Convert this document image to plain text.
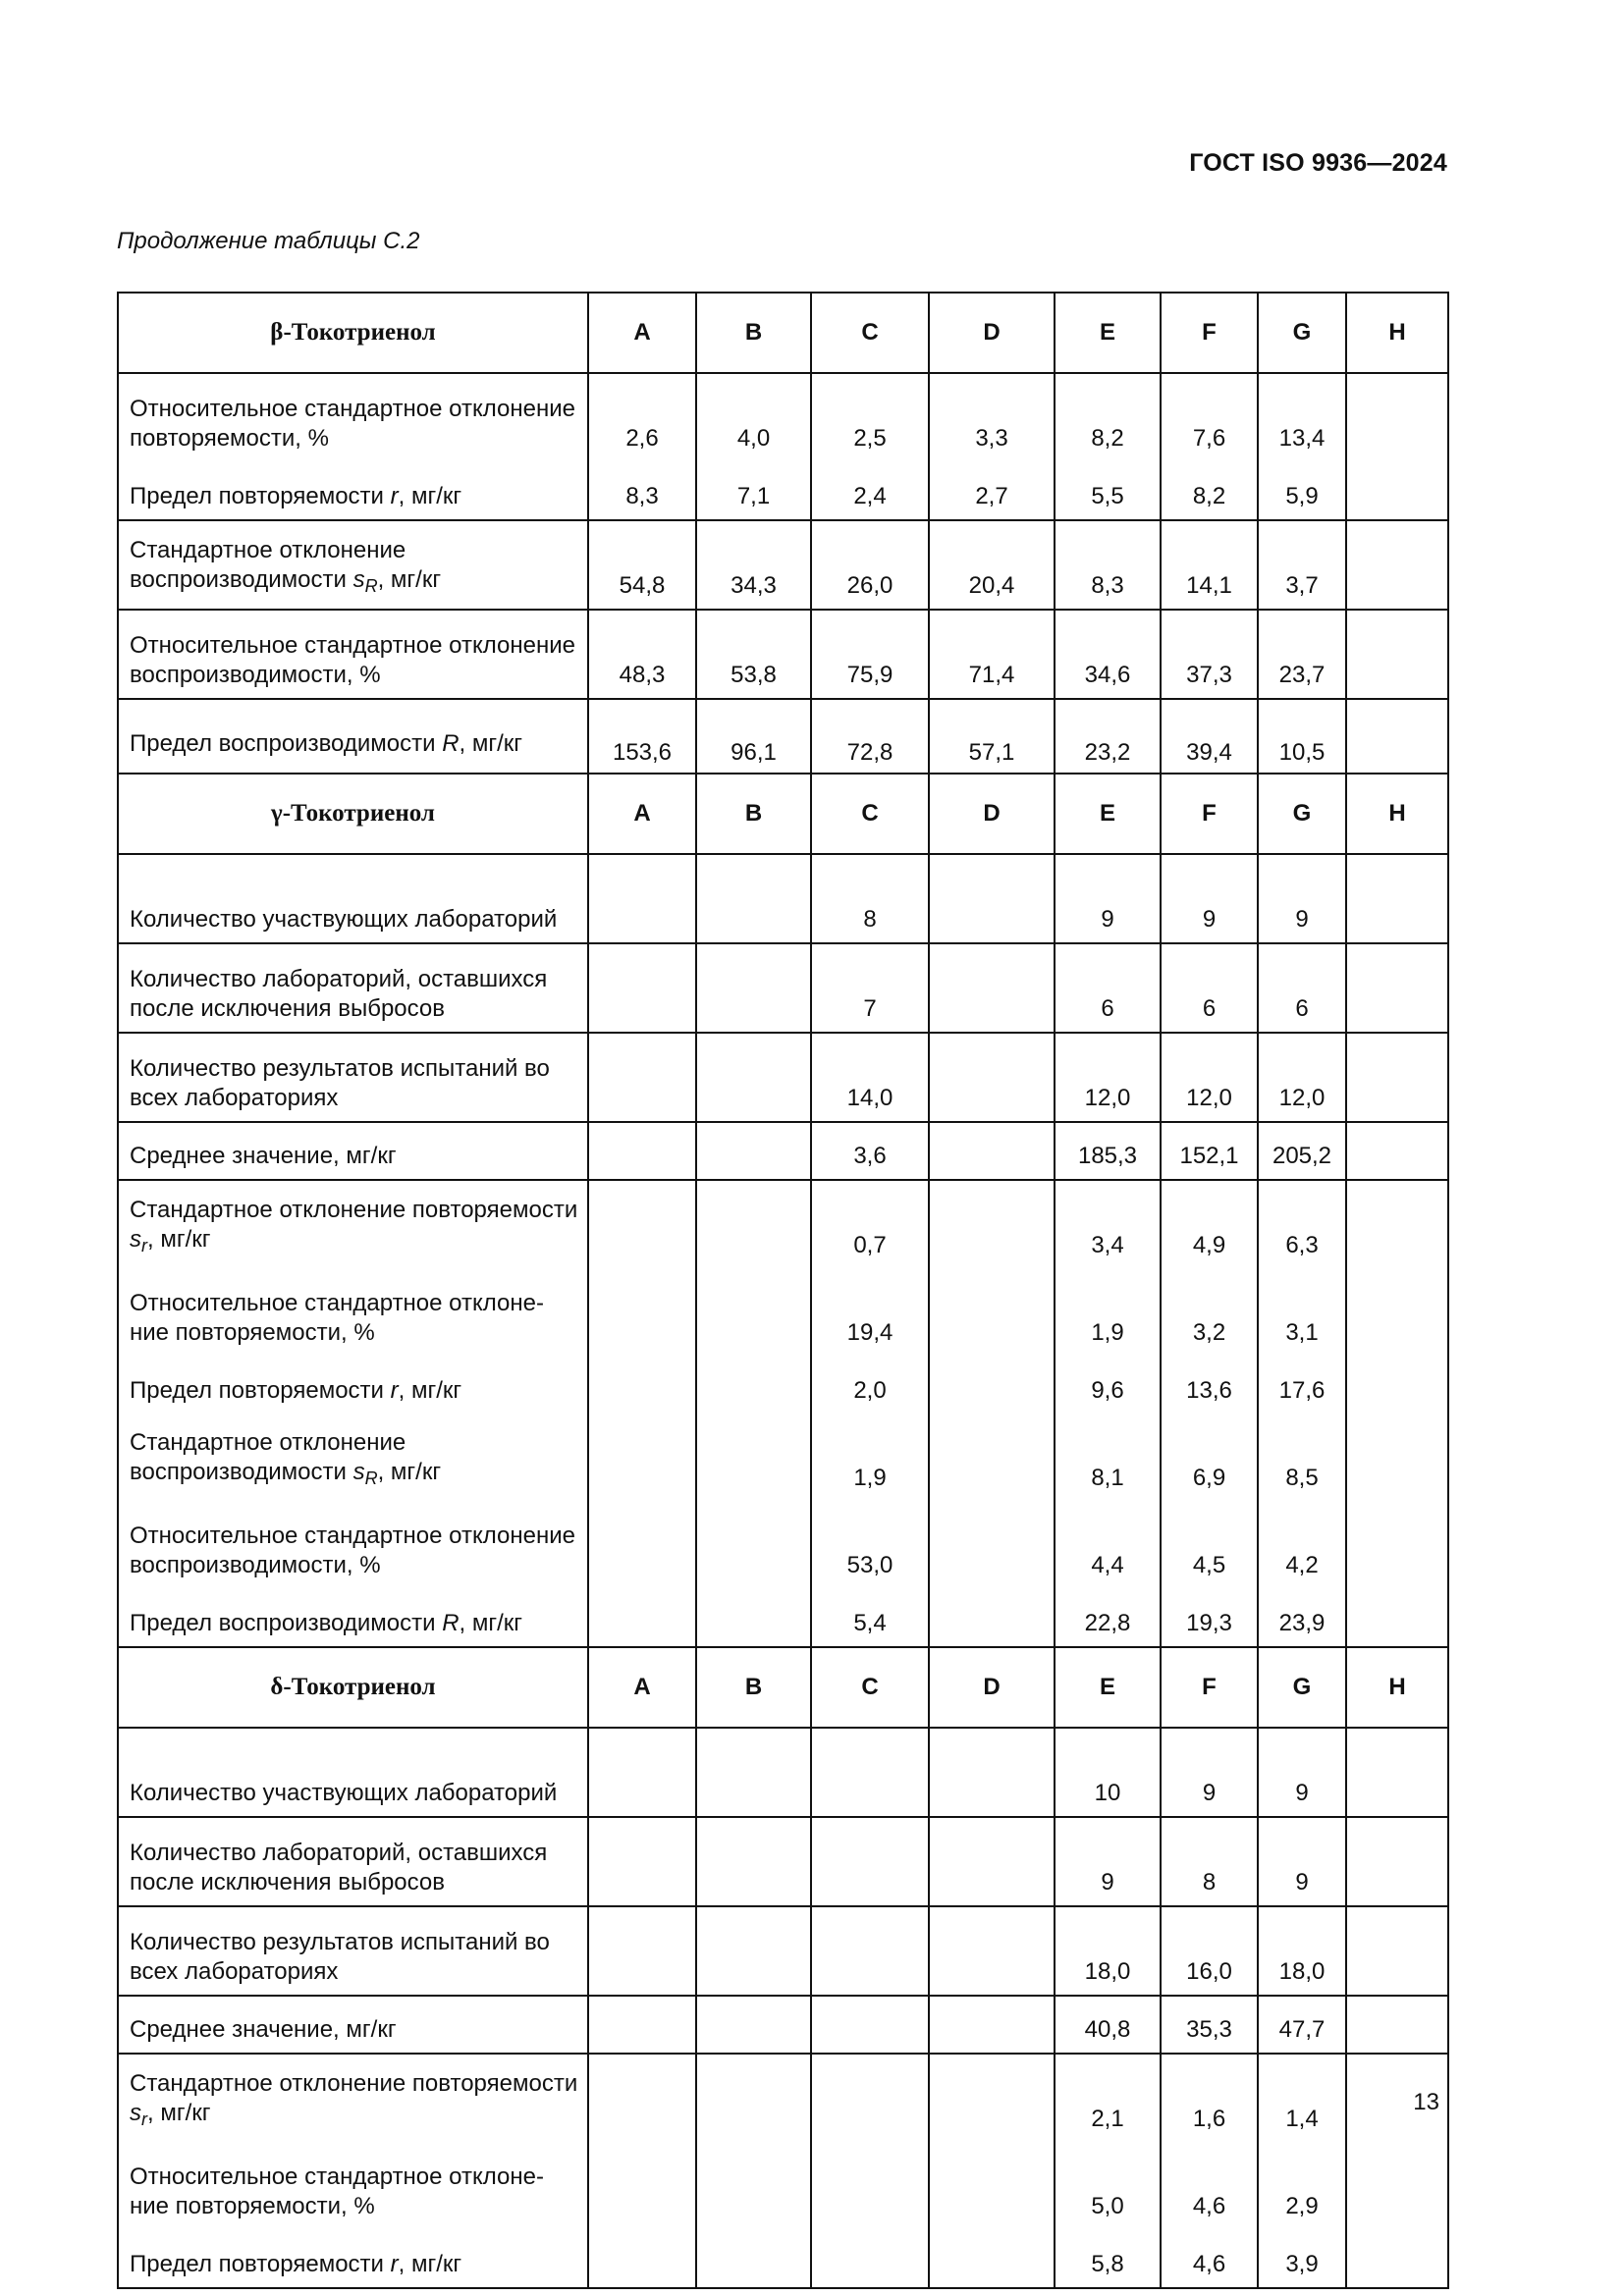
ГОСТ ISO 9936—2024
Продолжение таблицы С.2
β-Токотриенол	A	B	C	D	E	F	G	H
Относительное стандартное отклонение повторяемости, %	2,6	4,0	2,5	3,3	8,2	7,6	13,4	
Предел повторяемости r, мг/кг	8,3	7,1	2,4	2,7	5,5	8,2	5,9	
Стандартное отклонение воспроизводимости $s_R$, мг/кг	54,8	34,3	26,0	20,4	8,3	14,1	3,7	
Относительное стандартное отклонение воспроизводимости, %	48,3	53,8	75,9	71,4	34,6	37,3	23,7	
Предел воспроизводимости R, мг/кг	153,6	96,1	72,8	57,1	23,2	39,4	10,5	
γ-Токотриенол	A	B	C	D	E	F	G	H
Количество участвующих лабораторий			8		9	9	9	
Количество лабораторий, оставшихся после исключения выбросов			7		6	6	6	
Количество результатов испытаний во всех лабораториях			14,0		12,0	12,0	12,0	
Среднее значение, мг/кг			3,6		185,3	152,1	205,2	
Стандартное отклонение повторяемости $s_r$, мг/кг			0,7		3,4	4,9	6,3	
Относительное стандартное отклоне-ние повторяемости, %			19,4		1,9	3,2	3,1	
Предел повторяемости r, мг/кг			2,0		9,6	13,6	17,6	
Стандартное отклонение воспроизводимости $s_R$, мг/кг			1,9		8,1	6,9	8,5	
Относительное стандартное отклонение воспроизводимости, %			53,0		4,4	4,5	4,2	
Предел воспроизводимости R, мг/кг			5,4		22,8	19,3	23,9	
δ-Токотриенол	A	B	C	D	E	F	G	H
Количество участвующих лабораторий					10	9	9	
Количество лабораторий, оставшихся после исключения выбросов					9	8	9	
Количество результатов испытаний во всех лабораториях					18,0	16,0	18,0	
Среднее значение, мг/кг					40,8	35,3	47,7	
Стандартное отклонение повторяемости $s_r$, мг/кг					2,1	1,6	1,4	
Относительное стандартное отклоне-ние повторяемости, %					5,0	4,6	2,9	
Предел повторяемости r, мг/кг					5,8	4,6	3,9	
13
